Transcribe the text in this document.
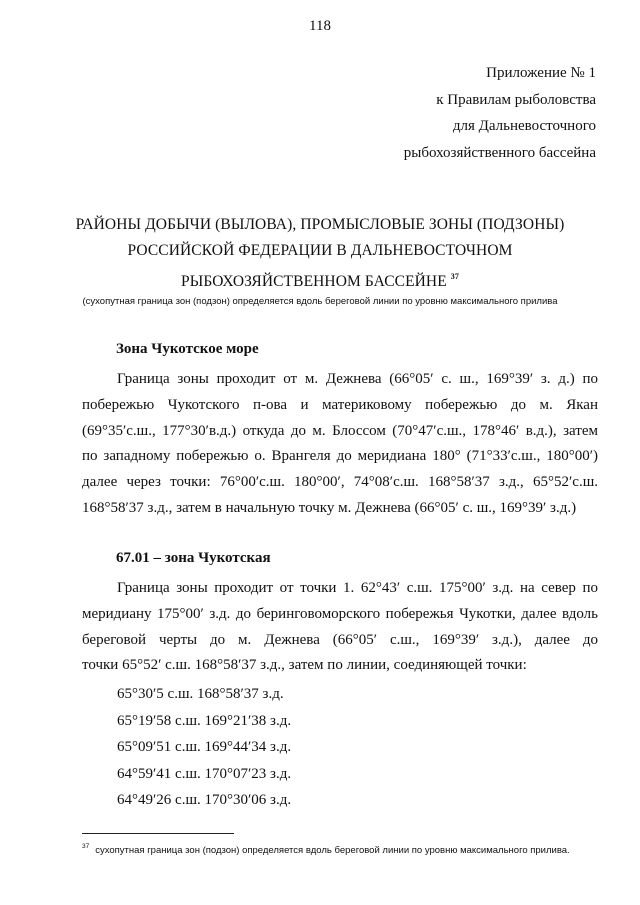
118
Приложение № 1
к Правилам рыболовства
для Дальневосточного
рыбохозяйственного бассейна
РАЙОНЫ ДОБЫЧИ (ВЫЛОВА), ПРОМЫСЛОВЫЕ ЗОНЫ (ПОДЗОНЫ)
РОССИЙСКОЙ ФЕДЕРАЦИИ В ДАЛЬНЕВОСТОЧНОМ
РЫБОХОЗЯЙСТВЕННОМ БАССЕЙНЕ $^{37}$
(сухопутная граница зон (подзон) определяется вдоль береговой линии по уровню максимального прилива
Зона Чукотское море
Граница зоны проходит от м. Дежнева (66°05′ с. ш., 169°39′ з. д.) по
побережью Чукотского п-ова и материковому побережью до м. Якан
(69°35′с.ш., 177°30′в.д.) откуда до м. Блоссом (70°47′с.ш., 178°46′ в.д.), затем
по западному побережью о. Врангеля до меридиана 180° (71°33′с.ш., 180°00′)
далее через точки: 76°00′с.ш. 180°00′, 74°08′с.ш. 168°58′37 з.д., 65°52′с.ш.
168°58′37 з.д., затем в начальную точку м. Дежнева (66°05′ с. ш., 169°39′ з.д.)
67.01 – зона Чукотская
Граница зоны проходит от точки 1. 62°43′ с.ш. 175°00′ з.д. на север по
меридиану 175°00′ з.д. до беринговоморского побережья Чукотки, далее вдоль
береговой черты до м. Дежнева (66°05′ с.ш., 169°39′ з.д.), далее до
точки 65°52′ с.ш. 168°58′37 з.д., затем по линии, соединяющей точки:
65°30′5 с.ш. 168°58′37 з.д.
65°19′58 с.ш. 169°21′38 з.д.
65°09′51 с.ш. 169°44′34 з.д.
64°59′41 с.ш. 170°07′23 з.д.
64°49′26 с.ш. 170°30′06 з.д.
$^{37}$ сухопутная граница зон (подзон) определяется вдоль береговой линии по уровню максимального прилива.
